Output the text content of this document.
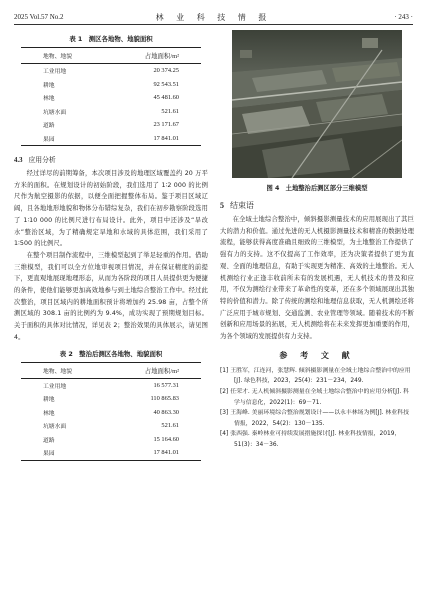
2025 Vol.57 No.2	林 业 科 技 情 报	· 243 ·
表 1　测区各地物、地貌面积
地物、地貌	占地面积/m²
工业用地	20 374.25
耕地	92 543.51
林地	45 481.60
坑塘水面	521.61
道路	23 171.67
果园	17 841.01
4.3 应用分析

经过详尽的前期筹备，本次项目涉及的地理区域覆盖约 20 万平方米的面积。在规划设计的初始阶段，我们选用了 1∶2 000 的比例尺作为航空摄影的依据，以便全面把握整体布局。鉴于项目区域辽阔，且各地地形地貌和物体分布错综复杂，我们在初步勘察阶段选用了 1∶10 000 的比例尺进行布局设计。此外，项目中还涉及“旱改水”整治区域，为了精确规定旱地和水域的具体范围，我们采用了 1∶500 的比例尺。

在整个项目制作流程中，三维模型起到了举足轻重的作用。借助三维模型，我们可以全方位地审视项目情况，并在保证精度的前提下，更直观地展现地理形态，从而为各阶段的项目人员提供更为便捷的条件，使他们能够更加高效地参与到土地综合整治工作中。经过此次整治，项目区域内的耕地面积预计将增加约 25.98 亩，占整个所测区域的 308.1 亩的比例约为 9.4%，成功实现了预期规划目标。关于面积的具体对比情况，详见表 2；整治效果的具体展示，请见图 4。

表 2　整治后测区各地物、地貌面积
地物、地貌	占地面积/m²
工业用地	16 577.31
耕地	110 865.83
林地	40 863.30
坑塘水面	521.61
道路	15 164.60
果园	17 841.01
图 4　土地整治后测区部分三维模型
5 结束语

在全域土地综合整治中，倾斜摄影测量技术的应用展现出了其巨大的潜力和价值。通过先进的无人机摄影测量技术和精准的数据处理流程，能够获得高度准确且细致的三维模型，为土地整治工作提供了强有力的支持。这不仅提高了工作效率，还为决策者提供了更为直观、全面的地理信息，有助于实现更为精准、高效的土地整治。无人机测绘行业正逢丰收前所未有的发展机遇，无人机技术的普及和应用，不仅为测绘行业带来了革命性的变革，还在多个领域展现出其独特的价值和潜力。除了传统的测绘和地理信息获取，无人机测绘还将广泛应用于城市规划、交通监测、农业管理等领域。随着技术的不断创新和应用场景的拓展，无人机测绘将在未来发挥更加重要的作用，为各个领域的发展提供有力支持。

参 考 文 献

[1] 王胜军，江连河，张慧辉. 倾斜摄影测量在全域土地综合整治中的应用[J]. 绿色科技，2023，25(4)：231－234，249.

[2] 任荣才. 无人机倾斜摄影测量在全域土地综合整治中的应用分析[J]. 科学与信息化，2022(1)：69－71.

[3] 王海峰. 美丽环境综合整治规划设计——以永丰林场为例[J]. 林业科技情报，2022，54(2)：130－135.

[4] 张西强. 秦岭林业可持续发展措施探讨[J]. 林业科技情报，2019，51(3)：34－36.
